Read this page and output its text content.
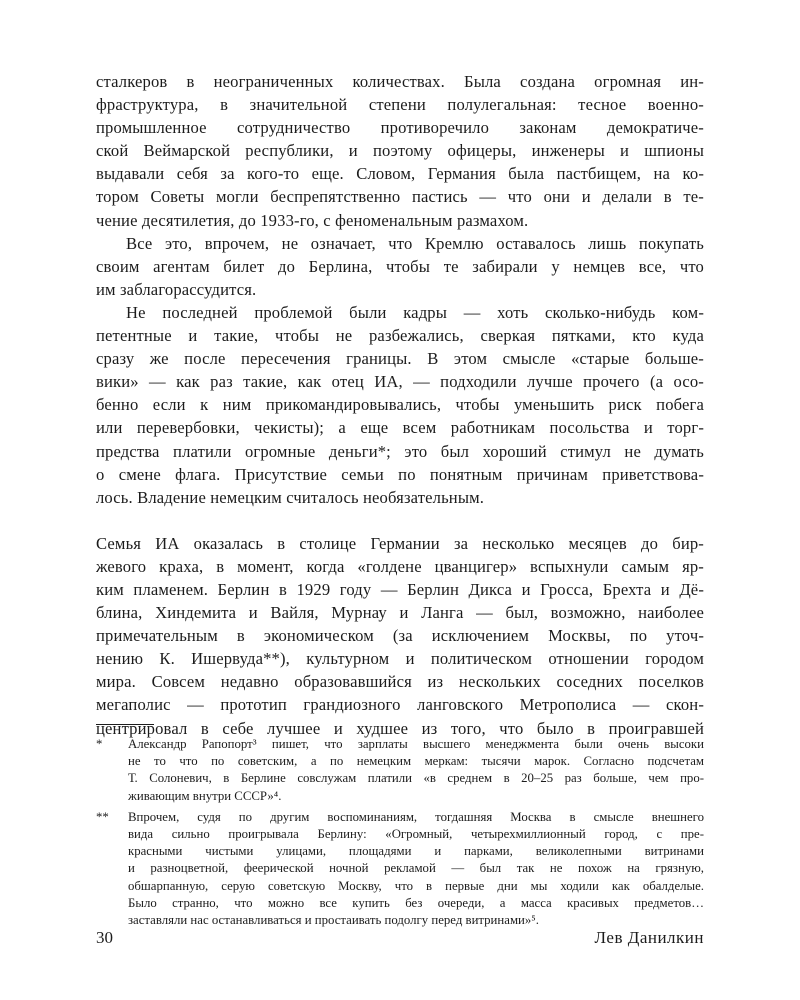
сталкеров в неограниченных количествах. Была создана огромная ин-
фраструктура, в значительной степени полулегальная: тесное военно-
промышленное сотрудничество противоречило законам демократиче-
ской Веймарской республики, и поэтому офицеры, инженеры и шпионы
выдавали себя за кого-то еще. Словом, Германия была пастбищем, на ко-
тором Советы могли беспрепятственно пастись — что они и делали в те-
чение десятилетия, до 1933-го, с феноменальным размахом.
Все это, впрочем, не означает, что Кремлю оставалось лишь покупать
своим агентам билет до Берлина, чтобы те забирали у немцев все, что
им заблагорассудится.
Не последней проблемой были кадры — хоть сколько-нибудь ком-
петентные и такие, чтобы не разбежались, сверкая пятками, кто куда
сразу же после пересечения границы. В этом смысле «старые больше-
вики» — как раз такие, как отец ИА, — подходили лучше прочего (а осо-
бенно если к ним прикомандировывались, чтобы уменьшить риск побега
или перевербовки, чекисты); а еще всем работникам посольства и торг-
предства платили огромные деньги*; это был хороший стимул не думать
о смене флага. Присутствие семьи по понятным причинам приветствова-
лось. Владение немецким считалось необязательным.
Семья ИА оказалась в столице Германии за несколько месяцев до бир-
жевого краха, в момент, когда «голдене цванцигер» вспыхнули самым яр-
ким пламенем. Берлин в 1929 году — Берлин Дикса и Гросса, Брехта и Дё-
блина, Хиндемита и Вайля, Мурнау и Ланга — был, возможно, наиболее
примечательным в экономическом (за исключением Москвы, по уточ-
нению К. Ишервуда**), культурном и политическом отношении городом
мира. Совсем недавно образовавшийся из нескольких соседних поселков
мегаполис — прототип грандиозного ланговского Метрополиса — скон-
центрировал в себе лучшее и худшее из того, что было в проигравшей
* Александр Рапопорт³ пишет, что зарплаты высшего менеджмента были очень высоки
не то что по советским, а по немецким меркам: тысячи марок. Согласно подсчетам
Т. Солоневич, в Берлине совслужам платили «в среднем в 20–25 раз больше, чем про-
живающим внутри СССР»⁴.
** Впрочем, судя по другим воспоминаниям, тогдашняя Москва в смысле внешнего
вида сильно проигрывала Берлину: «Огромный, четырехмиллионный город, с пре-
красными чистыми улицами, площадями и парками, великолепными витринами
и разноцветной, феерической ночной рекламой — был так не похож на грязную,
обшарпанную, серую советскую Москву, что в первые дни мы ходили как обалделые.
Было странно, что можно все купить без очереди, а масса красивых предметов…
заставляли нас останавливаться и простаивать подолгу перед витринами»⁵.
30	Лев Данилкин
